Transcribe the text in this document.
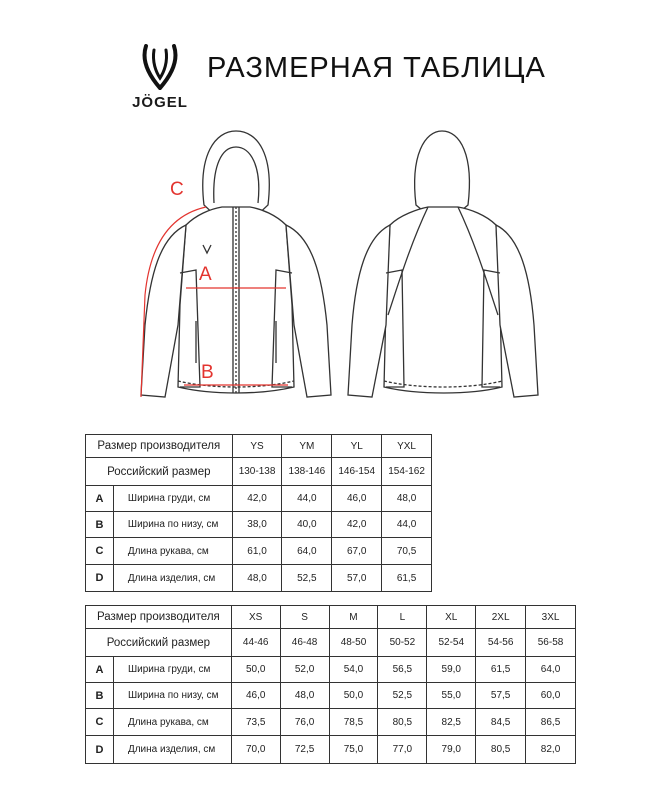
JÖGEL
РАЗМЕРНАЯ ТАБЛИЦА
A
B
C
Размер производителя		YS	YM	YL	YXL
Российский размер		130-138	138-146	146-154	154-162
A	Ширина груди, см	42,0	44,0	46,0	48,0
B	Ширина по низу, см	38,0	40,0	42,0	44,0
C	Длина рукава, см	61,0	64,0	67,0	70,5
D	Длина изделия, см	48,0	52,5	57,0	61,5
Размер производителя		XS	S	M	L	XL	2XL	3XL
Российский размер		44-46	46-48	48-50	50-52	52-54	54-56	56-58
A	Ширина груди, см	50,0	52,0	54,0	56,5	59,0	61,5	64,0
B	Ширина по низу, см	46,0	48,0	50,0	52,5	55,0	57,5	60,0
C	Длина рукава, см	73,5	76,0	78,5	80,5	82,5	84,5	86,5
D	Длина изделия, см	70,0	72,5	75,0	77,0	79,0	80,5	82,0
